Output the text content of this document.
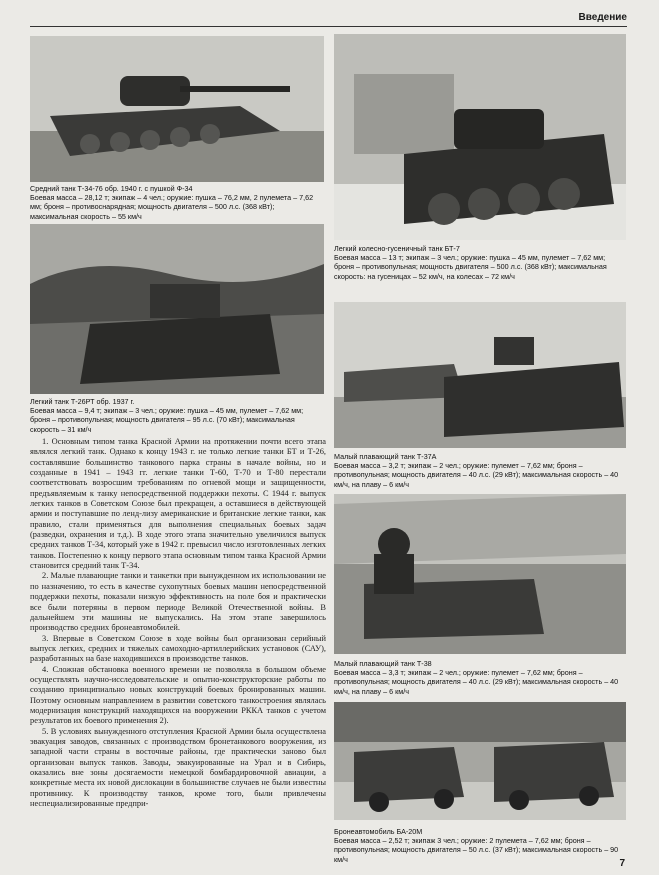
Введение
Средний танк Т-34-76 обр. 1940 г. с пушкой Ф-34
Боевая масса – 28,12 т; экипаж – 4 чел.; оружие: пушка – 76,2 мм, 2 пулемета – 7,62 мм; броня – противоснарядная; мощность двигателя – 500 л.с. (368 кВт); максимальная скорость – 55 км/ч
Легкий колесно-гусеничный танк БТ-7
Боевая масса – 13 т; экипаж – 3 чел.; оружие: пушка – 45 мм, пулемет – 7,62 мм; броня – противопульная; мощность двигателя – 500 л.с. (368 кВт); максимальная скорость: на гусеницах – 52 км/ч, на колесах – 72 км/ч
Легкий танк Т-26РТ обр. 1937 г.
Боевая масса – 9,4 т; экипаж – 3 чел.; оружие: пушка – 45 мм, пулемет – 7,62 мм; броня – противопульная; мощность двигателя – 95 л.с. (70 кВт); максимальная скорость – 31 км/ч
Малый плавающий танк Т-37А
Боевая масса – 3,2 т; экипаж – 2 чел.; оружие: пулемет – 7,62 мм; броня – противопульная; мощность двигателя – 40 л.с. (29 кВт); максимальная скорость – 40 км/ч, на плаву – 6 км/ч
Малый плавающий танк Т-38
Боевая масса – 3,3 т; экипаж – 2 чел.; оружие: пулемет – 7,62 мм; броня – противопульная; мощность двигателя – 40 л.с. (29 кВт); максимальная скорость – 40 км/ч, на плаву – 6 км/ч
Бронеавтомобиль БА-20М
Боевая масса – 2,52 т; экипаж 3 чел.; оружие: 2 пулемета – 7,62 мм; броня – противопульная; мощность двигателя – 50 л.с. (37 кВт); максимальная скорость – 90 км/ч

1. Основным типом танка Красной Армии на протяжении почти всего этапа являлся легкий танк. Однако к концу 1943 г. не только легкие танки БТ и Т-26, составлявшие большинство танкового парка страны в начале войны, но и созданные в 1941 – 1943 гг. легкие танки Т-60, Т-70 и Т-80 перестали соответствовать возросшим требованиям по огневой мощи и защищенности, предъявляемым к танку непосредственной поддержки пехоты. С 1944 г. выпуск легких танков в Советском Союзе был прекращен, а оставшиеся в действующей армии и поступавшие по ленд-лизу американские и британские легкие танки, как правило, стали применяться для выполнения специальных боевых задач (разведки, охранения и т.д.). В ходе этого этапа значительно увеличился выпуск средних танков Т-34, который уже в 1942 г. превысил число изготовленных легких танков. Постепенно к концу первого этапа основным типом танка Красной Армии становится средний танк Т-34.

2. Малые плавающие танки и танкетки при вынужденном их использовании не по назначению, то есть в качестве сухопутных боевых машин непосредственной поддержки пехоты, показали низкую эффективность на поле боя и практически все были потеряны в первом периоде Великой Отечественной войны. В дальнейшем эти машины не выпускались. На этом этапе завершилось производство средних бронеавтомобилей.

3. Впервые в Советском Союзе в ходе войны был организован серийный выпуск легких, средних и тяжелых самоходно-артиллерийских установок (САУ), разработанных на базе находившихся в производстве танков.

4. Сложная обстановка военного времени не позволяла в большом объеме осуществлять научно-исследовательские и опытно-конструкторские работы по созданию принципиально новых конструкций боевых бронированных машин. Поэтому основным направлением в развитии советского танкостроения являлась модернизация конструкций находящихся на вооружении РККА танков с учетом результатов их боевого применения 2).

5. В условиях вынужденного отступления Красной Армии была осуществлена эвакуация заводов, связанных с производством бронетанкового вооружения, из западной части страны в восточные районы, где практически заново был организован выпуск танков. Заводы, эвакуированные на Урал и в Сибирь, оказались вне зоны досягаемости немецкой бомбардировочной авиации, а конкретные места их новой дислокации в большинстве случаев не были известны противнику. К производству танков, кроме того, были привлечены неспециализированные предпри-

7
